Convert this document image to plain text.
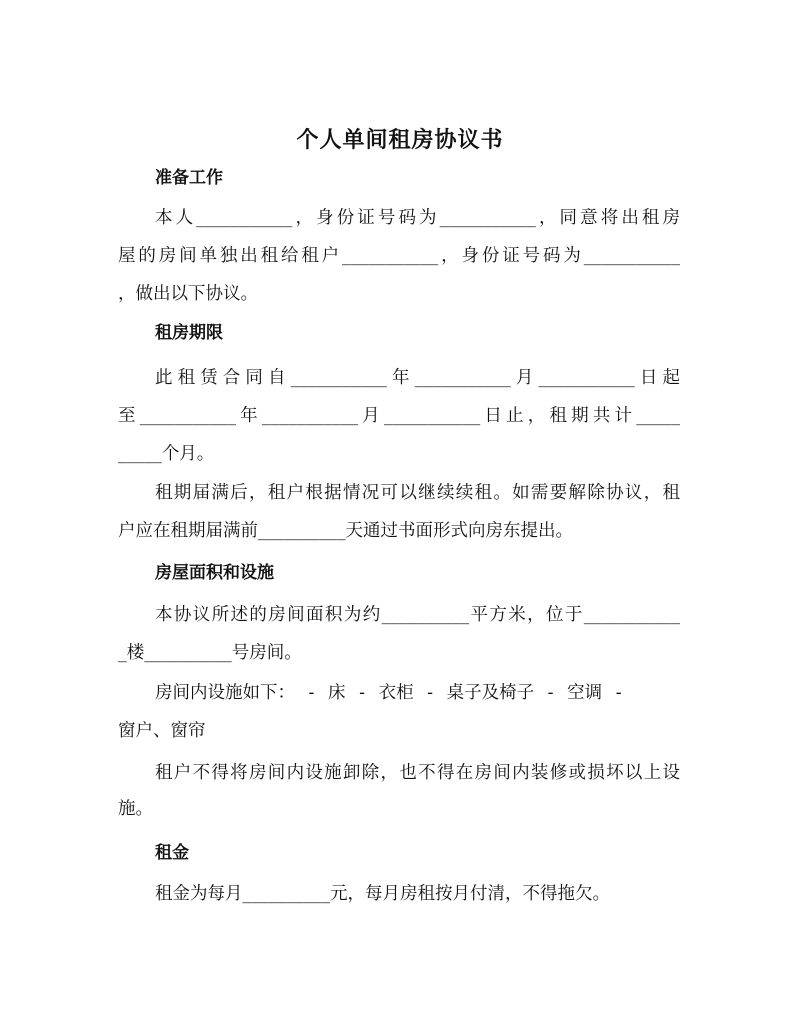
个人单间租房协议书
准备工作
本人___________，身份证号码为___________，同意将出租房
屋的房间单独出租给租户___________，身份证号码为___________
，做出以下协议。
租房期限
此租赁合同自___________年___________月___________日起
至___________年___________月___________日止，租期共计_____
_____个月。
租期届满后，租户根据情况可以继续续租。如需要解除协议，租
户应在租期届满前__________天通过书面形式向房东提出。
房屋面积和设施
本协议所述的房间面积为约__________平方米，位于___________
_楼__________号房间。
房间内设施如下： - 床 - 衣柜 - 桌子及椅子 - 空调 -
窗户、窗帘
租户不得将房间内设施卸除，也不得在房间内装修或损坏以上设
施。
租金
租金为每月__________元，每月房租按月付清，不得拖欠。
